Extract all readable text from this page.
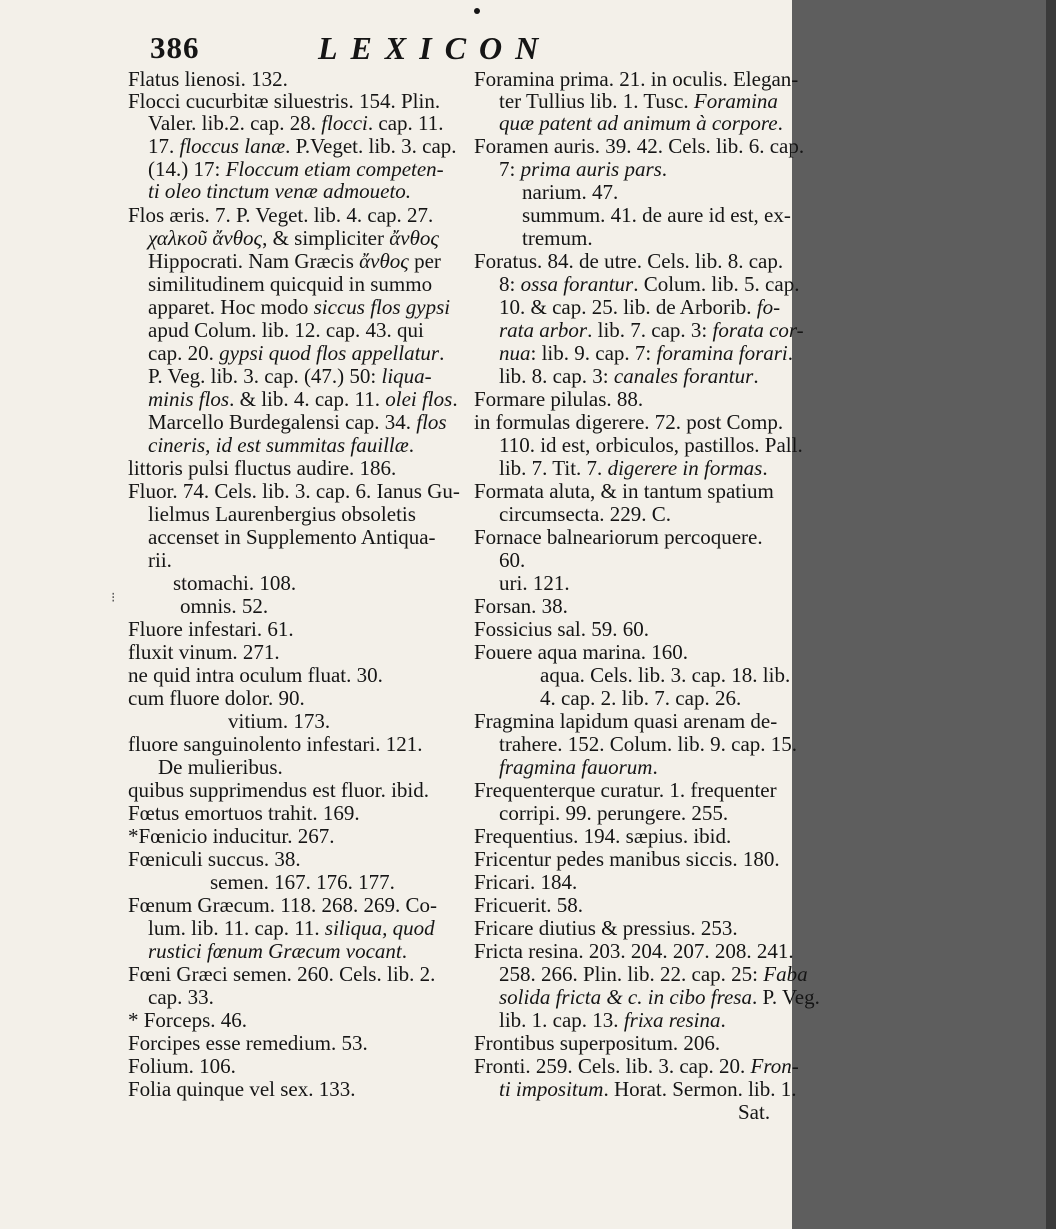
386	LEXICON
⁝
Flatus lienosi. 132.
Flocci cucurbitæ siluestris. 154. Plin.
Valer. lib.2. cap. 28. flocci. cap. 11.
17. floccus lanæ. P.Veget. lib. 3. cap.
(14.) 17: Floccum etiam competen-
ti oleo tinctum venæ admoueto.
Flos æris. 7. P. Veget. lib. 4. cap. 27.
χαλκοῦ ἄνθος, & simpliciter ἄνθος
Hippocrati. Nam Græcis ἄνθος per
similitudinem quicquid in summo
apparet. Hoc modo siccus flos gypsi
apud Colum. lib. 12. cap. 43. qui
cap. 20. gypsi quod flos appellatur.
P. Veg. lib. 3. cap. (47.) 50: liqua-
minis flos. & lib. 4. cap. 11. olei flos.
Marcello Burdegalensi cap. 34. flos
cineris, id est summitas fauillæ.
littoris pulsi fluctus audire. 186.
Fluor. 74. Cels. lib. 3. cap. 6. Ianus Gu-
lielmus Laurenbergius obsoletis
accenset in Supplemento Antiqua-
rii.
stomachi. 108.
omnis. 52.
Fluore infestari. 61.
fluxit vinum. 271.
ne quid intra oculum fluat. 30.
cum fluore dolor. 90.
vitium. 173.
fluore sanguinolento infestari. 121.
De mulieribus.
quibus supprimendus est fluor. ibid.
Fœtus emortuos trahit. 169.
*Fœnicio inducitur. 267.
Fœniculi succus. 38.
semen. 167. 176. 177.
Fœnum Græcum. 118. 268. 269. Co-
lum. lib. 11. cap. 11. siliqua, quod
rustici fœnum Græcum vocant.
Fœni Græci semen. 260. Cels. lib. 2.
cap. 33.
* Forceps. 46.
Forcipes esse remedium. 53.
Folium. 106.
Folia quinque vel sex. 133.
Foramina prima. 21. in oculis. Elegan-
ter Tullius lib. 1. Tusc. Foramina
quæ patent ad animum à corpore.
Foramen auris. 39. 42. Cels. lib. 6. cap.
7: prima auris pars.
narium. 47.
summum. 41. de aure id est, ex-
tremum.
Foratus. 84. de utre. Cels. lib. 8. cap.
8: ossa forantur. Colum. lib. 5. cap.
10. & cap. 25. lib. de Arborib. fo-
rata arbor. lib. 7. cap. 3: forata cor-
nua: lib. 9. cap. 7: foramina forari.
lib. 8. cap. 3: canales forantur.
Formare pilulas. 88.
in formulas digerere. 72. post Comp.
110. id est, orbiculos, pastillos. Pall.
lib. 7. Tit. 7. digerere in formas.
Formata aluta, & in tantum spatium
circumsecta. 229. C.
Fornace balneariorum percoquere.
60.
uri. 121.
Forsan. 38.
Fossicius sal. 59. 60.
Fouere aqua marina. 160.
aqua. Cels. lib. 3. cap. 18. lib.
4. cap. 2. lib. 7. cap. 26.
Fragmina lapidum quasi arenam de-
trahere. 152. Colum. lib. 9. cap. 15.
fragmina fauorum.
Frequenterque curatur. 1. frequenter
corripi. 99. perungere. 255.
Frequentius. 194. sæpius. ibid.
Fricentur pedes manibus siccis. 180.
Fricari. 184.
Fricuerit. 58.
Fricare diutius & pressius. 253.
Fricta resina. 203. 204. 207. 208. 241.
258. 266. Plin. lib. 22. cap. 25: Faba
solida fricta & c. in cibo fresa. P. Veg.
lib. 1. cap. 13. frixa resina.
Frontibus superpositum. 206.
Fronti. 259. Cels. lib. 3. cap. 20. Fron-
ti impositum. Horat. Sermon. lib. 1.
Sat.
